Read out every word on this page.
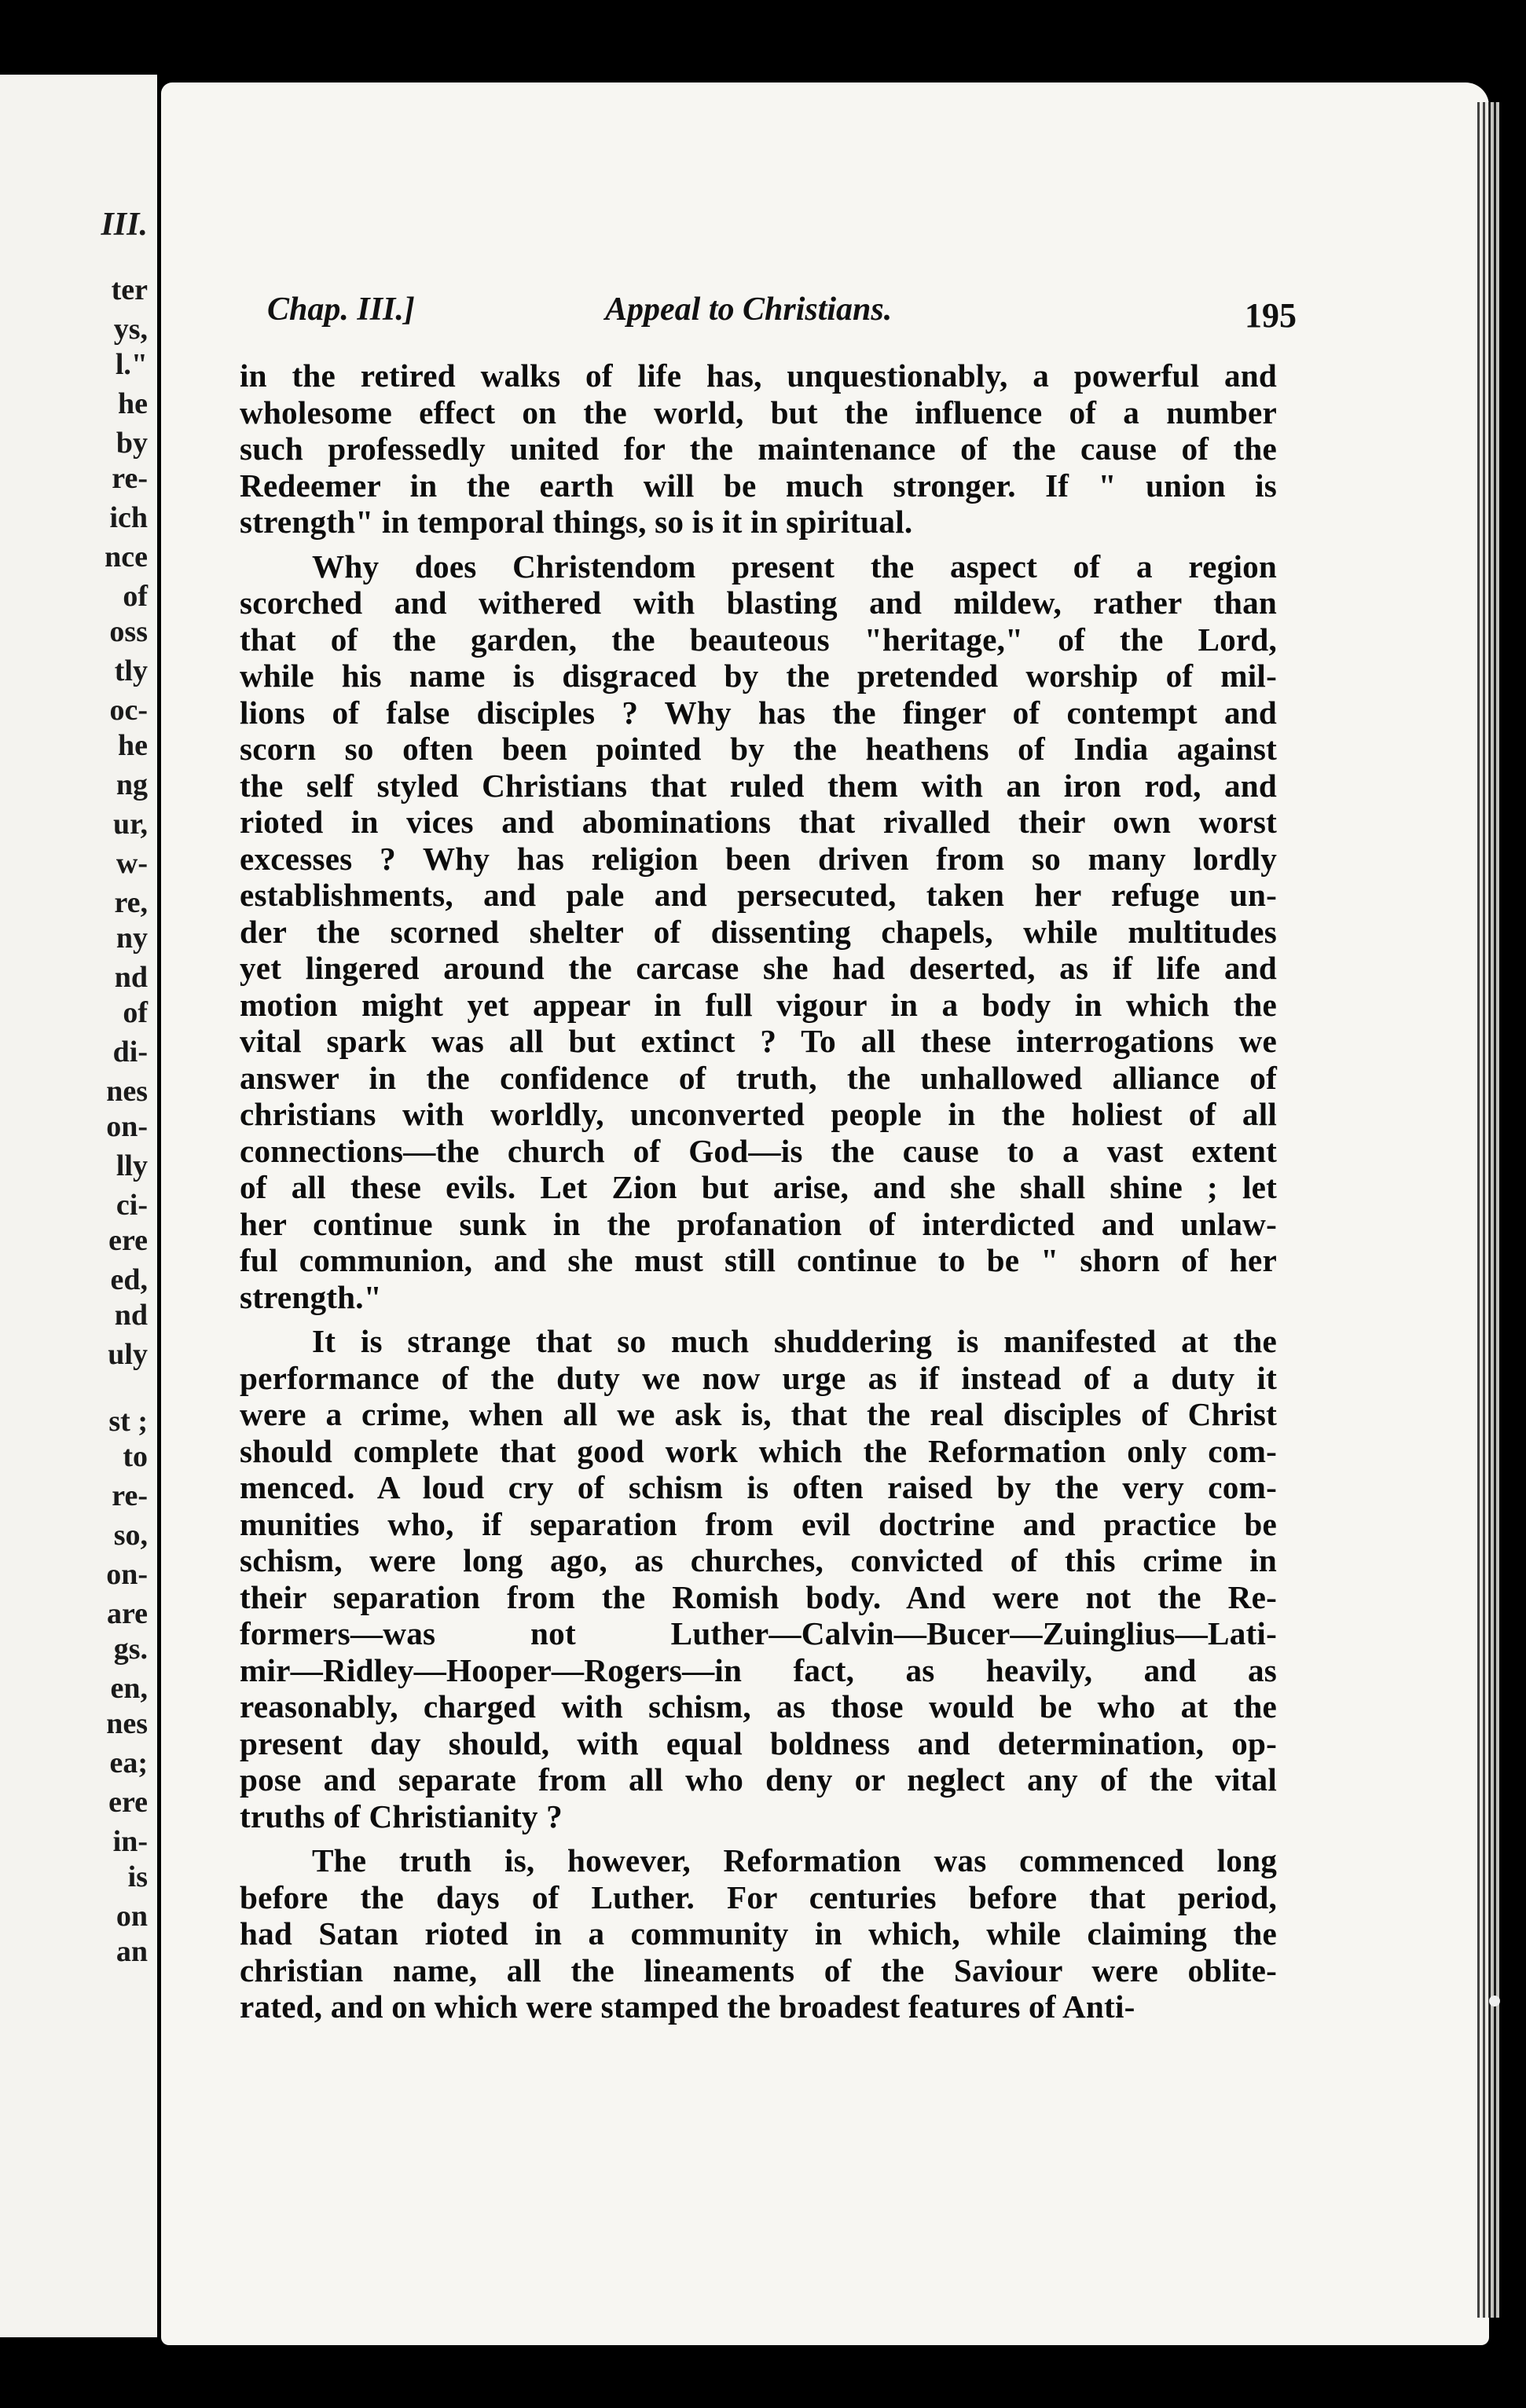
III.
ter
ys,
l."
he
by
re-
ich
nce
of
oss
tly
oc-
he
ng
ur,
w-
re,
ny
nd
of
di-
nes
on-
lly
ci-
ere
ed,
nd
uly
st ;
to
re-
so,
on-
are
gs.
en,
nes
ea;
ere
in-
is
on
an
Chap. III.]	Appeal to Christians.	195

in the retired walks of life has, unquestionably, a powerful and
wholesome effect on the world, but the influence of a number
such professedly united for the maintenance of the cause of the
Redeemer in the earth will be much stronger. If " union is
strength" in temporal things, so is it in spiritual.

Why does Christendom present the aspect of a region
scorched and withered with blasting and mildew, rather than
that of the garden, the beauteous "heritage," of the Lord,
while his name is disgraced by the pretended worship of mil-
lions of false disciples ? Why has the finger of contempt and
scorn so often been pointed by the heathens of India against
the self styled Christians that ruled them with an iron rod, and
rioted in vices and abominations that rivalled their own worst
excesses ? Why has religion been driven from so many lordly
establishments, and pale and persecuted, taken her refuge un-
der the scorned shelter of dissenting chapels, while multitudes
yet lingered around the carcase she had deserted, as if life and
motion might yet appear in full vigour in a body in which the
vital spark was all but extinct ? To all these interrogations we
answer in the confidence of truth, the unhallowed alliance of
christians with worldly, unconverted people in the holiest of all
connections—the church of God—is the cause to a vast extent
of all these evils. Let Zion but arise, and she shall shine ; let
her continue sunk in the profanation of interdicted and unlaw-
ful communion, and she must still continue to be " shorn of her
strength."

It is strange that so much shuddering is manifested at the
performance of the duty we now urge as if instead of a duty it
were a crime, when all we ask is, that the real disciples of Christ
should complete that good work which the Reformation only com-
menced. A loud cry of schism is often raised by the very com-
munities who, if separation from evil doctrine and practice be
schism, were long ago, as churches, convicted of this crime in
their separation from the Romish body. And were not the Re-
formers—was not Luther—Calvin—Bucer—Zuinglius—Lati-
mir—Ridley—Hooper—Rogers—in fact, as heavily, and as
reasonably, charged with schism, as those would be who at the
present day should, with equal boldness and determination, op-
pose and separate from all who deny or neglect any of the vital
truths of Christianity ?

The truth is, however, Reformation was commenced long
before the days of Luther. For centuries before that period,
had Satan rioted in a community in which, while claiming the
christian name, all the lineaments of the Saviour were oblite-
rated, and on which were stamped the broadest features of Anti-
